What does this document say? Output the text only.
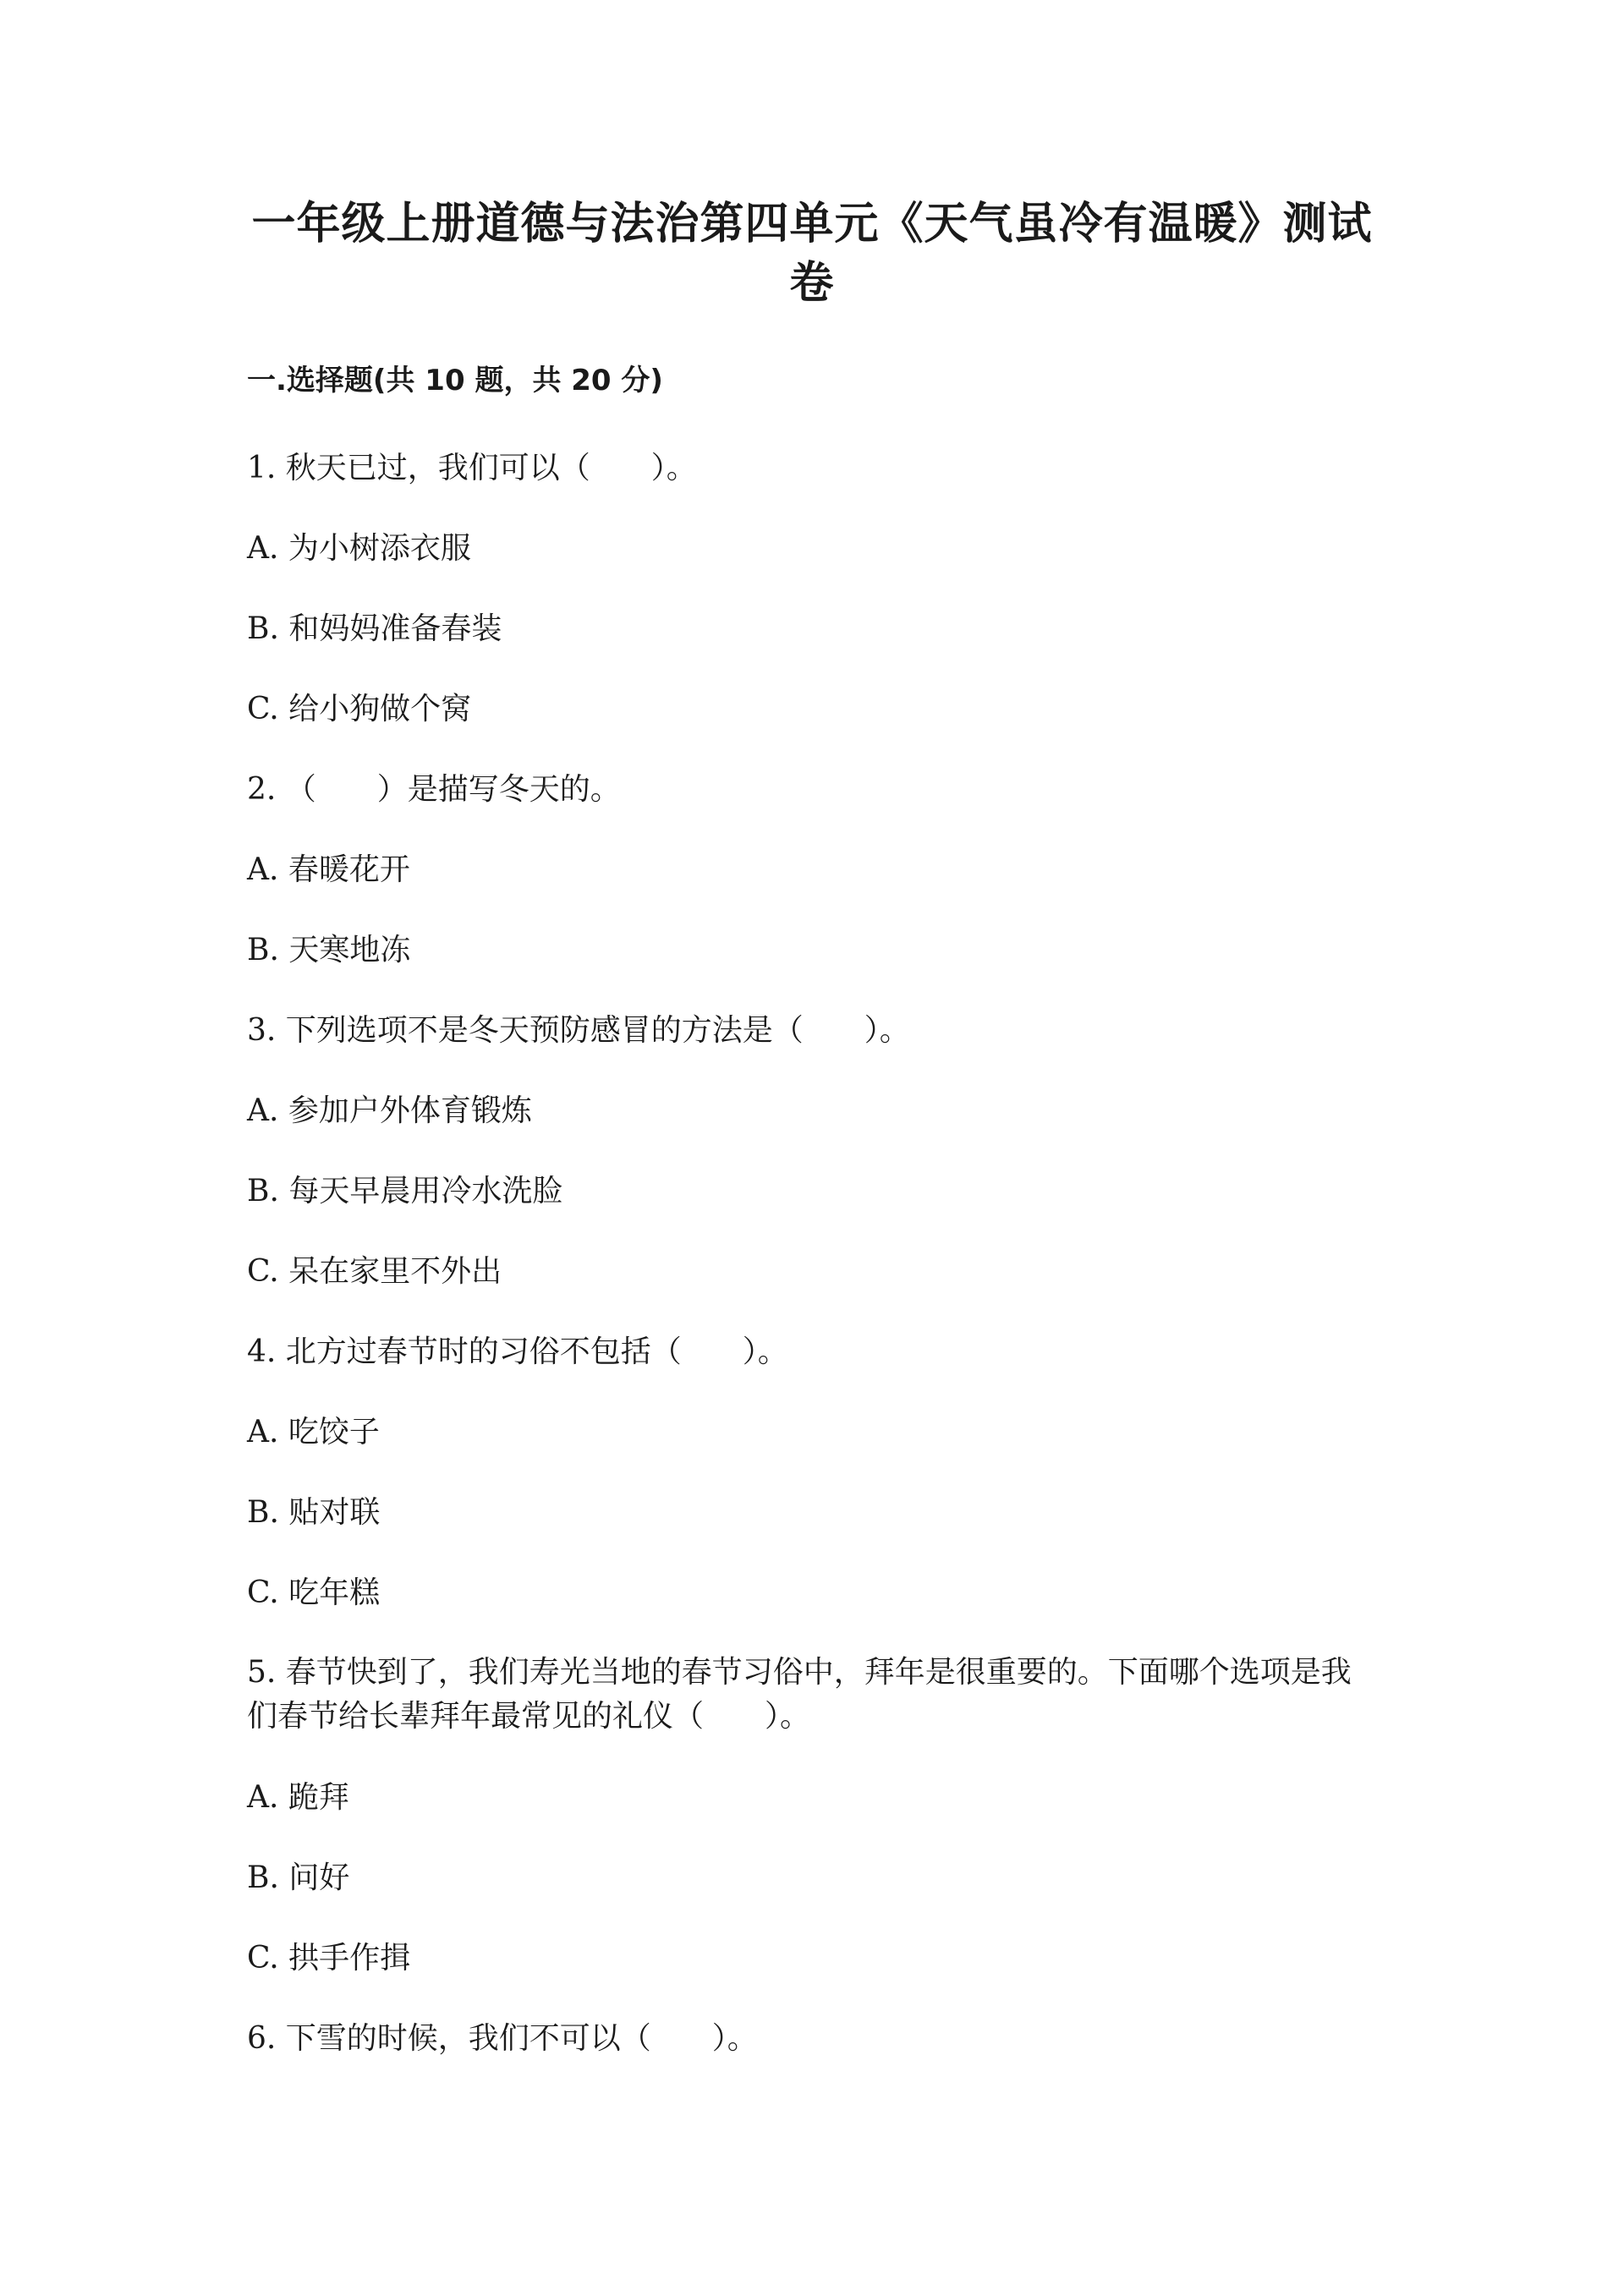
一年级上册道德与法治第四单元《天气虽冷有温暖》测试卷
一.选择题(共 10 题，共 20 分)

1. 秋天已过，我们可以（　　）。

A. 为小树添衣服

B. 和妈妈准备春装

C. 给小狗做个窝

2. （　　）是描写冬天的。

A. 春暖花开

B. 天寒地冻

3. 下列选项不是冬天预防感冒的方法是（　　）。

A. 参加户外体育锻炼

B. 每天早晨用冷水洗脸

C. 呆在家里不外出

4. 北方过春节时的习俗不包括（　　）。

A. 吃饺子

B. 贴对联

C. 吃年糕

5. 春节快到了，我们寿光当地的春节习俗中，拜年是很重要的。下面哪个选项是我们春节给长辈拜年最常见的礼仪（　　）。

A. 跪拜

B. 问好

C. 拱手作揖

6. 下雪的时候，我们不可以（　　）。
